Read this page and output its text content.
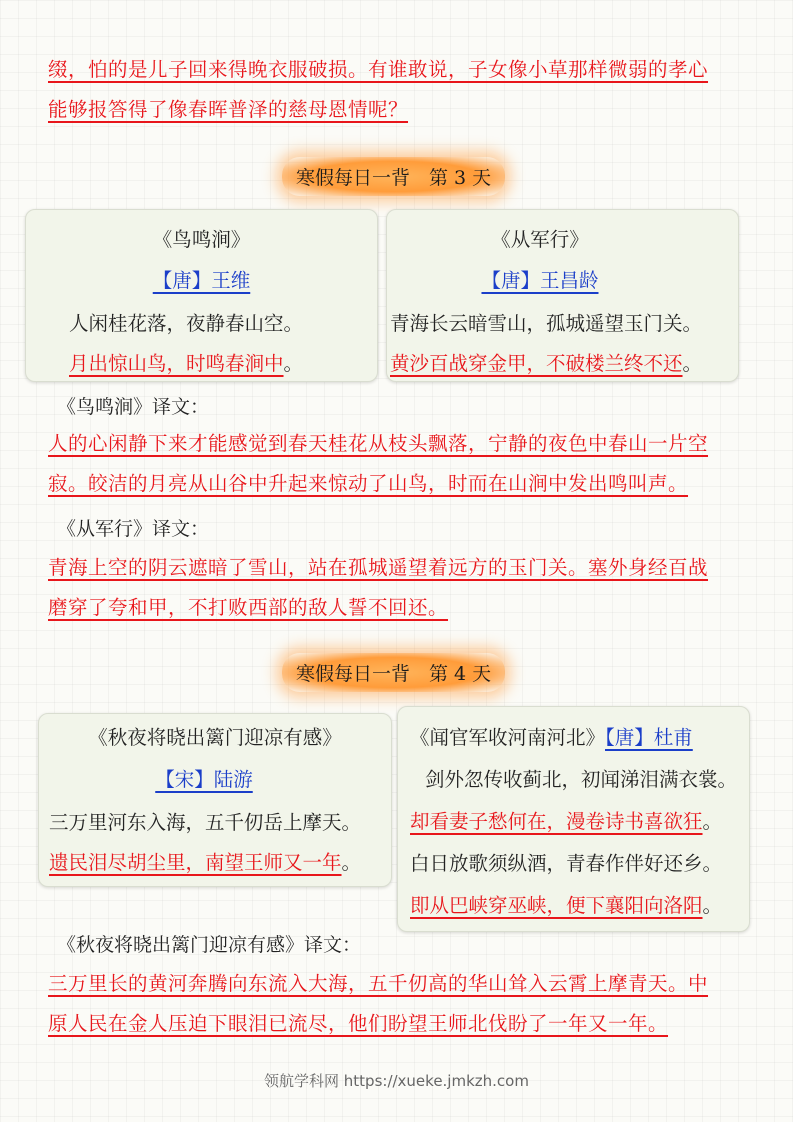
缀，怕的是儿子回来得晚衣服破损。有谁敢说，子女像小草那样微弱的孝心
能够报答得了像春晖普泽的慈母恩情呢？
寒假每日一背　第 3 天
《鸟鸣涧》
【唐】王维
人闲桂花落，夜静春山空。
月出惊山鸟，时鸣春涧中。
《从军行》
【唐】王昌龄
青海长云暗雪山，孤城遥望玉门关。
黄沙百战穿金甲，不破楼兰终不还。
《鸟鸣涧》译文：
人的心闲静下来才能感觉到春天桂花从枝头飘落，宁静的夜色中春山一片空
寂。皎洁的月亮从山谷中升起来惊动了山鸟，时而在山涧中发出鸣叫声。
《从军行》译文：
青海上空的阴云遮暗了雪山，站在孤城遥望着远方的玉门关。塞外身经百战
磨穿了夸和甲，不打败西部的敌人誓不回还。
寒假每日一背　第 4 天
《秋夜将晓出篱门迎凉有感》
【宋】陆游
三万里河东入海，五千仞岳上摩天。
遗民泪尽胡尘里，南望王师又一年。
《闻官军收河南河北》【唐】杜甫
剑外忽传收蓟北，初闻涕泪满衣裳。
却看妻子愁何在，漫卷诗书喜欲狂。
白日放歌须纵酒，青春作伴好还乡。
即从巴峡穿巫峡，便下襄阳向洛阳。
《秋夜将晓出篱门迎凉有感》译文：
三万里长的黄河奔腾向东流入大海，五千仞高的华山耸入云霄上摩青天。中
原人民在金人压迫下眼泪已流尽，他们盼望王师北伐盼了一年又一年。
领航学科网 https://xueke.jmkzh.com
